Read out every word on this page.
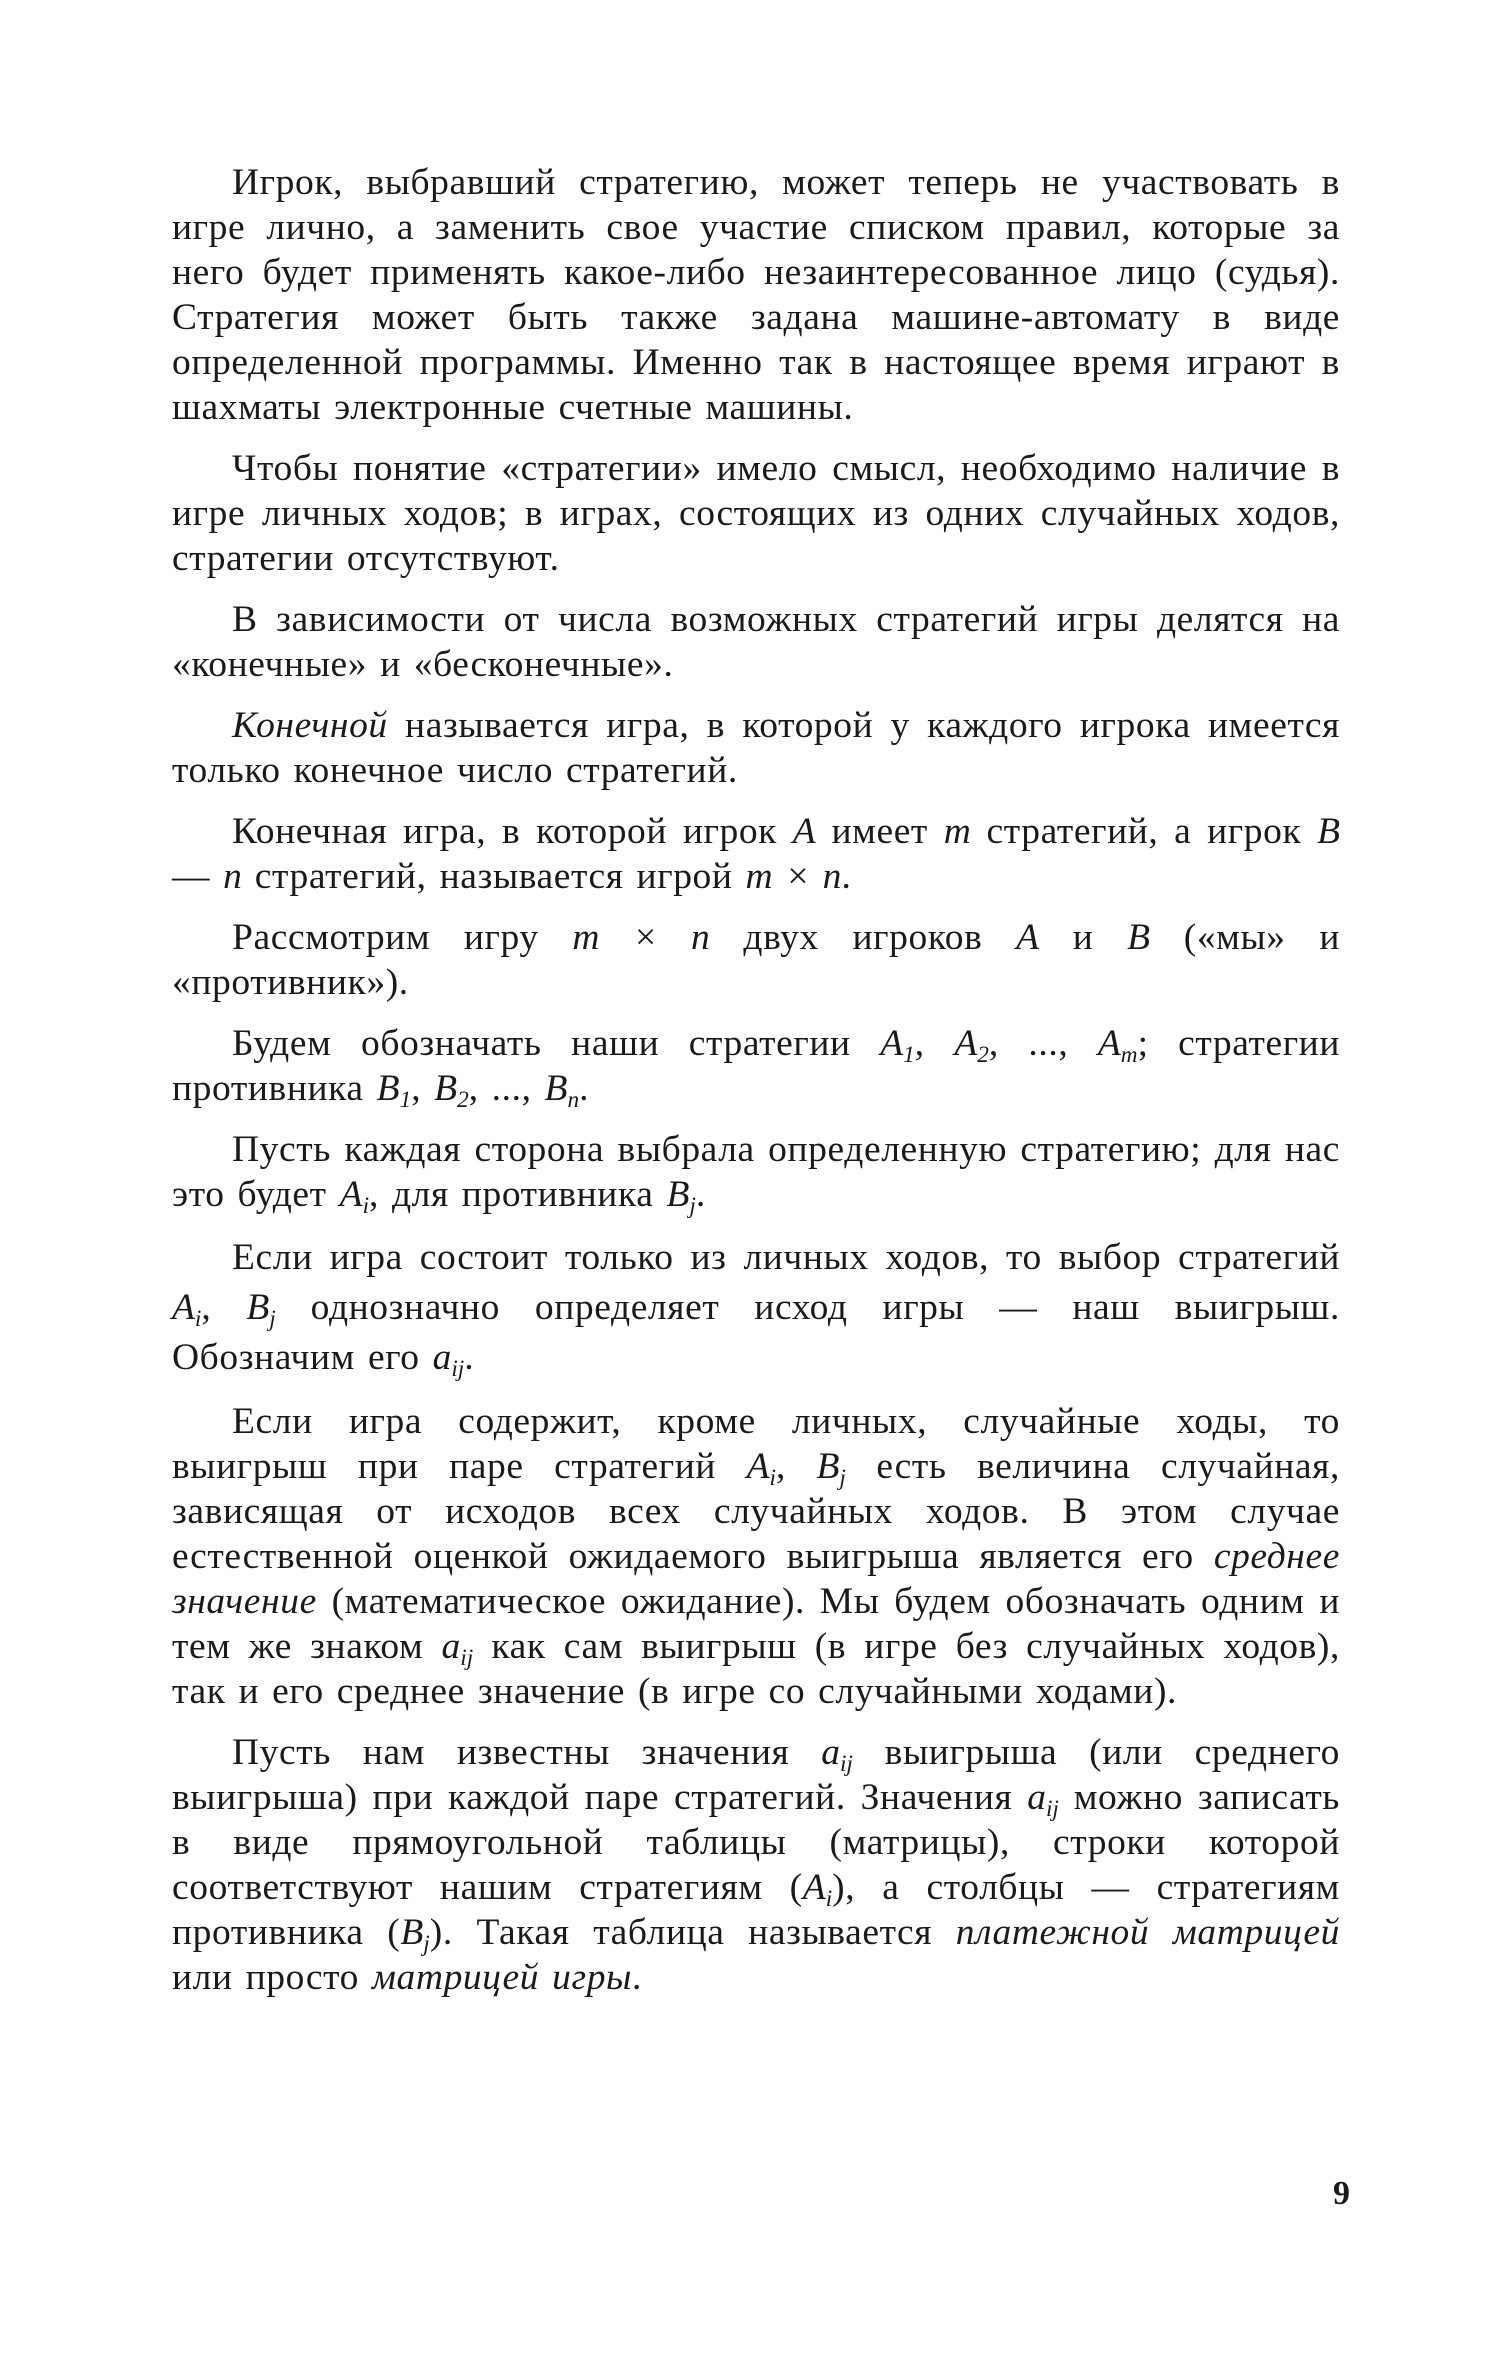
Игрок, выбравший стратегию, может теперь не участвовать в игре лично, а заменить свое участие списком правил, которые за него будет применять какое-либо незаинтересованное лицо (судья). Стратегия может быть также задана машине-автомату в виде определенной программы. Именно так в настоящее время играют в шахматы электронные счетные машины.

Чтобы понятие «стратегии» имело смысл, необходимо наличие в игре личных ходов; в играх, состоящих из одних случайных ходов, стратегии отсутствуют.

В зависимости от числа возможных стратегий игры делятся на «конечные» и «бесконечные».

Конечной называется игра, в которой у каждого игрока имеется только конечное число стратегий.

Конечная игра, в которой игрок A имеет m стратегий, а игрок B — n стратегий, называется игрой m × n.

Рассмотрим игру m × n двух игроков A и B («мы» и «противник»).

Будем обозначать наши стратегии $A_1$, $A_2$, ..., $A_m$; стратегии противника $B_1$, $B_2$, ..., $B_n$.

Пусть каждая сторона выбрала определенную стратегию; для нас это будет $A_i$, для противника $B_j$.

Если игра состоит только из личных ходов, то выбор стратегий $A_i$, $B_j$ однозначно определяет исход игры — наш выигрыш. Обозначим его $a_{ij}$.

Если игра содержит, кроме личных, случайные ходы, то выигрыш при паре стратегий $A_i$, $B_j$ есть величина случайная, зависящая от исходов всех случайных ходов. В этом случае естественной оценкой ожидаемого выигрыша является его среднее значение (математическое ожидание). Мы будем обозначать одним и тем же знаком $a_{ij}$ как сам выигрыш (в игре без случайных ходов), так и его среднее значение (в игре со случайными ходами).

Пусть нам известны значения $a_{ij}$ выигрыша (или среднего выигрыша) при каждой паре стратегий. Значения $a_{ij}$ можно записать в виде прямоугольной таблицы (матрицы), строки которой соответствуют нашим стратегиям $(A_i)$, а столбцы — стратегиям противника $(B_j)$. Такая таблица называется платежной матрицей или просто матрицей игры.

9
